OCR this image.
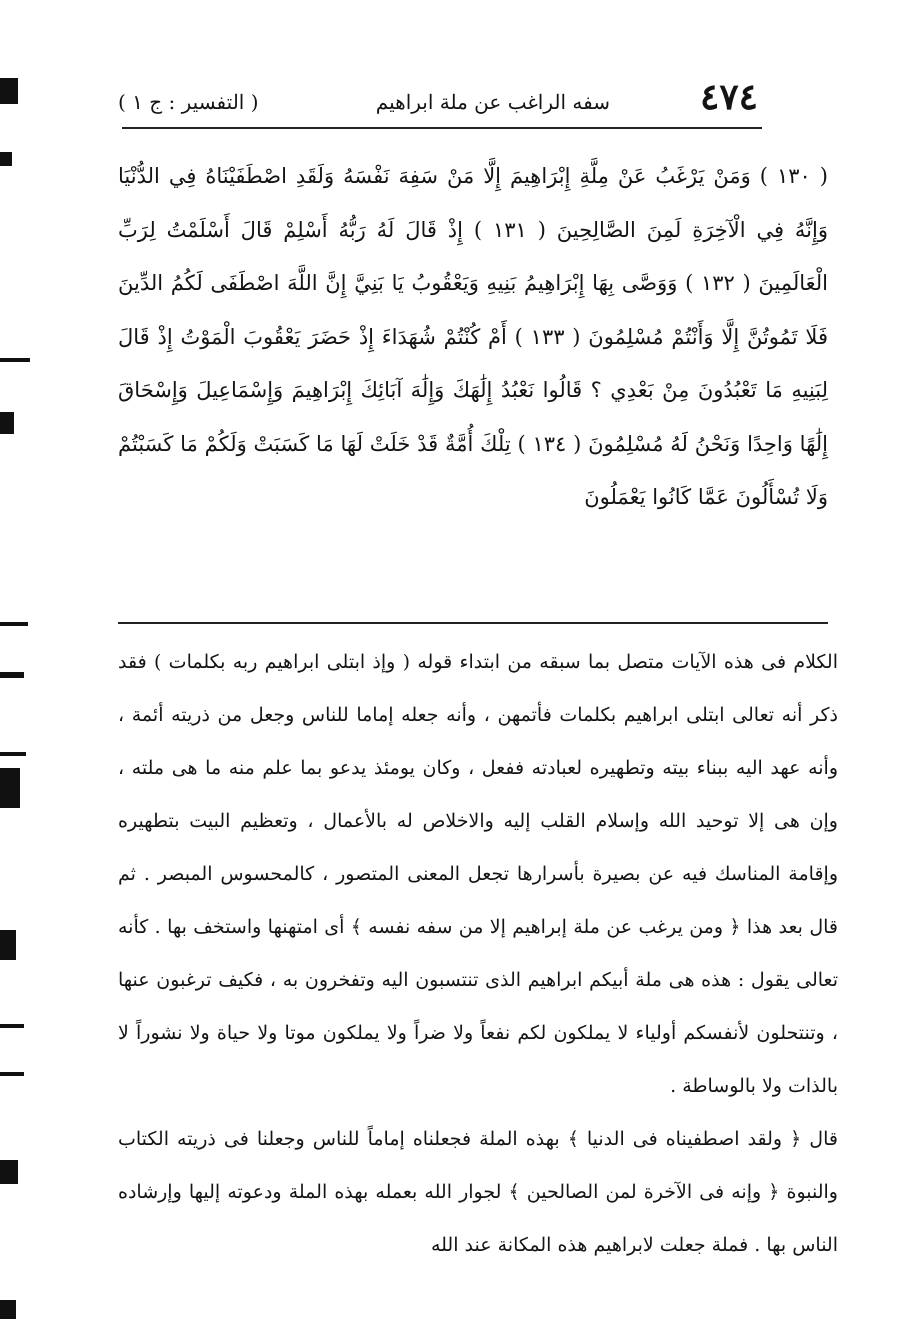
٤٧٤
سفه الراغب عن ملة ابراهيم
( التفسير : ج ١ )
( ١٣٠ ) وَمَنْ يَرْغَبُ عَنْ مِلَّةِ إِبْرَاهِيمَ إِلَّا مَنْ سَفِهَ نَفْسَهُ وَلَقَدِ اصْطَفَيْنَاهُ فِي الدُّنْيَا وَإِنَّهُ فِي الْآخِرَةِ لَمِنَ الصَّالِحِينَ ( ١٣١ ) إِذْ قَالَ لَهُ رَبُّهُ أَسْلِمْ قَالَ أَسْلَمْتُ لِرَبِّ الْعَالَمِينَ ( ١٣٢ ) وَوَصَّى بِهَا إِبْرَاهِيمُ بَنِيهِ وَيَعْقُوبُ يَا بَنِيَّ إِنَّ اللَّهَ اصْطَفَى لَكُمُ الدِّينَ فَلَا تَمُوتُنَّ إِلَّا وَأَنْتُمْ مُسْلِمُونَ ( ١٣٣ ) أَمْ كُنْتُمْ شُهَدَاءَ إِذْ حَضَرَ يَعْقُوبَ الْمَوْتُ إِذْ قَالَ لِبَنِيهِ مَا تَعْبُدُونَ مِنْ بَعْدِي ؟ قَالُوا نَعْبُدُ إِلَٰهَكَ وَإِلَٰهَ آبَائِكَ إِبْرَاهِيمَ وَإِسْمَاعِيلَ وَإِسْحَاقَ إِلَٰهًا وَاحِدًا وَنَحْنُ لَهُ مُسْلِمُونَ ( ١٣٤ ) تِلْكَ أُمَّةٌ قَدْ خَلَتْ لَهَا مَا كَسَبَتْ وَلَكُمْ مَا كَسَبْتُمْ وَلَا تُسْأَلُونَ عَمَّا كَانُوا يَعْمَلُونَ

الكلام فى هذه الآيات متصل بما سبقه من ابتداء قوله ( وإذ ابتلى ابراهيم ربه بكلمات ) فقد ذكر أنه تعالى ابتلى ابراهيم بكلمات فأتمهن ، وأنه جعله إماما للناس وجعل من ذريته أئمة ، وأنه عهد اليه ببناء بيته وتطهيره لعبادته ففعل ، وكان يومئذ يدعو بما علم منه ما هى ملته ، وإن هى إلا توحيد الله وإسلام القلب إليه والاخلاص له بالأعمال ، وتعظيم البيت بتطهيره وإقامة المناسك فيه عن بصيرة بأسرارها تجعل المعنى المتصور ، كالمحسوس المبصر . ثم قال بعد هذا ﴿ ومن يرغب عن ملة إبراهيم إلا من سفه نفسه ﴾ أى امتهنها واستخف بها . كأنه تعالى يقول : هذه هى ملة أبيكم ابراهيم الذى تنتسبون اليه وتفخرون به ، فكيف ترغبون عنها ، وتنتحلون لأنفسكم أولياء لا يملكون لكم نفعاً ولا ضراً ولا يملكون موتا ولا حياة ولا نشوراً لا بالذات ولا بالوساطة .

قال ﴿ ولقد اصطفيناه فى الدنيا ﴾ بهذه الملة فجعلناه إماماً للناس وجعلنا فى ذريته الكتاب والنبوة ﴿ وإنه فى الآخرة لمن الصالحين ﴾ لجوار الله بعمله بهذه الملة ودعوته إليها وإرشاده الناس بها . فملة جعلت لابراهيم هذه المكانة عند الله
